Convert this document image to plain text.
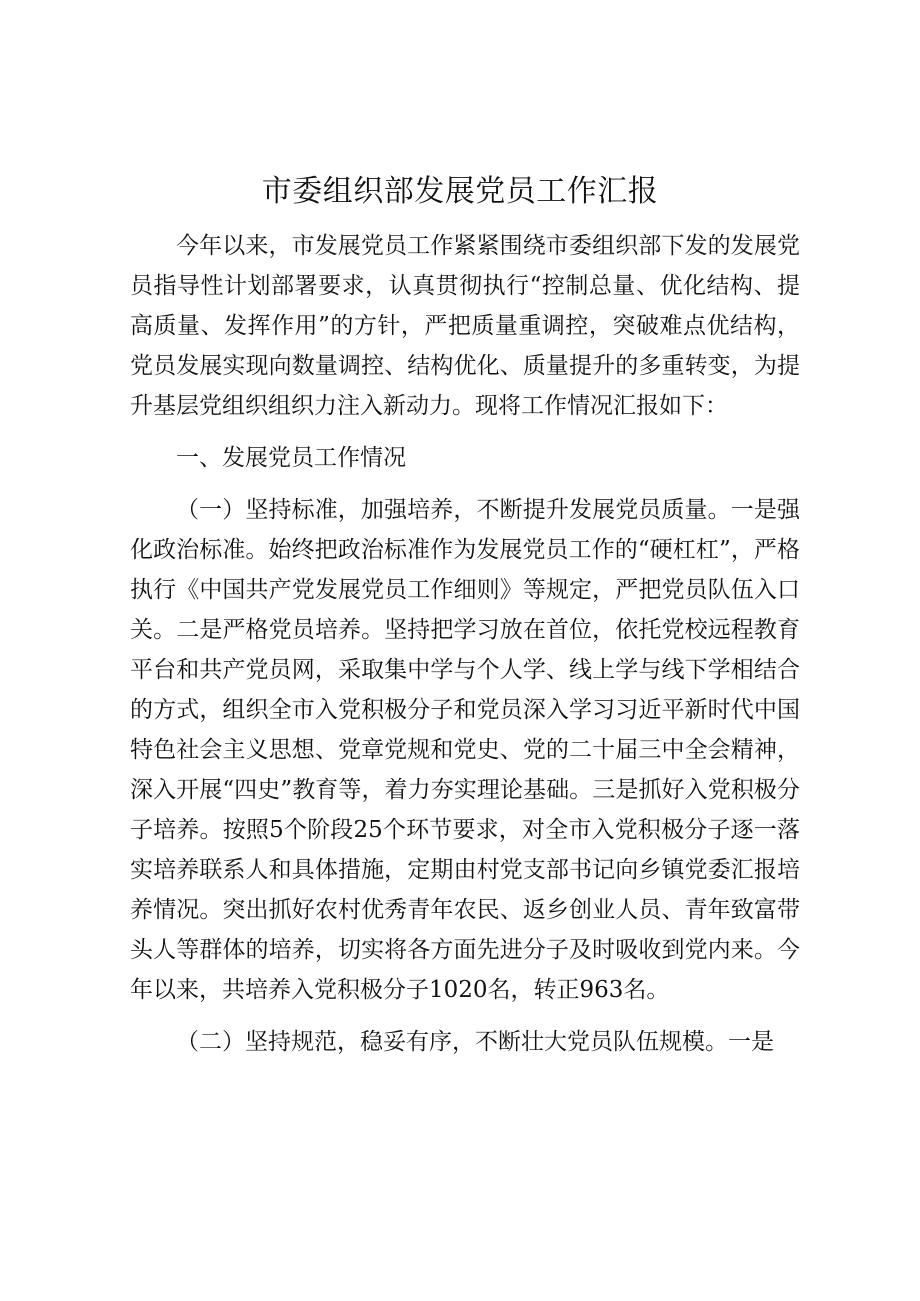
市委组织部发展党员工作汇报

今年以来，市发展党员工作紧紧围绕市委组织部下发的发展党员指导性计划部署要求，认真贯彻执行“控制总量、优化结构、提高质量、发挥作用”的方针，严把质量重调控，突破难点优结构，党员发展实现向数量调控、结构优化、质量提升的多重转变，为提升基层党组织组织力注入新动力。现将工作情况汇报如下：

一、发展党员工作情况

（一）坚持标准，加强培养，不断提升发展党员质量。一是强化政治标准。始终把政治标准作为发展党员工作的“硬杠杠”，严格执行《中国共产党发展党员工作细则》等规定，严把党员队伍入口关。二是严格党员培养。坚持把学习放在首位，依托党校远程教育平台和共产党员网，采取集中学与个人学、线上学与线下学相结合的方式，组织全市入党积极分子和党员深入学习习近平新时代中国特色社会主义思想、党章党规和党史、党的二十届三中全会精神，深入开展“四史”教育等，着力夯实理论基础。三是抓好入党积极分子培养。按照5个阶段25个环节要求，对全市入党积极分子逐一落实培养联系人和具体措施，定期由村党支部书记向乡镇党委汇报培养情况。突出抓好农村优秀青年农民、返乡创业人员、青年致富带头人等群体的培养，切实将各方面先进分子及时吸收到党内来。今年以来，共培养入党积极分子1020名，转正963名。

（二）坚持规范，稳妥有序，不断壮大党员队伍规模。一是
